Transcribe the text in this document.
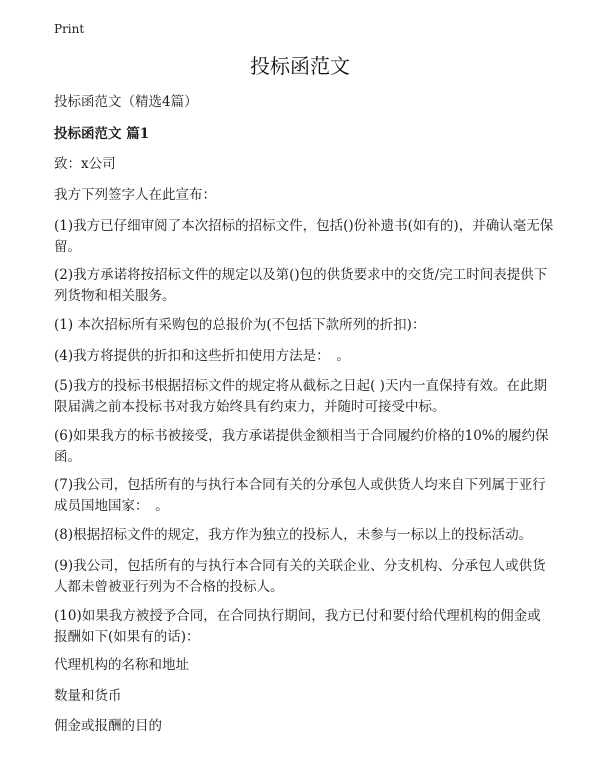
Print
投标函范文

投标函范文（精选4篇）

投标函范文 篇1

致：x公司

我方下列签字人在此宣布：

(1)我方已仔细审阅了本次招标的招标文件，包括()份补遗书(如有的)，并确认毫无保留。

(2)我方承诺将按招标文件的规定以及第()包的供货要求中的交货/完工时间表提供下列货物和相关服务。

(1) 本次招标所有采购包的总报价为(不包括下款所列的折扣)：

(4)我方将提供的折扣和这些折扣使用方法是：　。

(5)我方的投标书根据招标文件的规定将从截标之日起( )天内一直保持有效。在此期限届满之前本投标书对我方始终具有约束力，并随时可接受中标。

(6)如果我方的标书被接受，我方承诺提供金额相当于合同履约价格的10%的履约保函。

(7)我公司，包括所有的与执行本合同有关的分承包人或供货人均来自下列属于亚行成员国地国家：　。

(8)根据招标文件的规定，我方作为独立的投标人，未参与一标以上的投标活动。

(9)我公司，包括所有的与执行本合同有关的关联企业、分支机构、分承包人或供货人都未曾被亚行列为不合格的投标人。

(10)如果我方被授予合同，在合同执行期间，我方已付和要付给代理机构的佣金或报酬如下(如果有的话)：

代理机构的名称和地址

数量和货币

佣金或报酬的目的
